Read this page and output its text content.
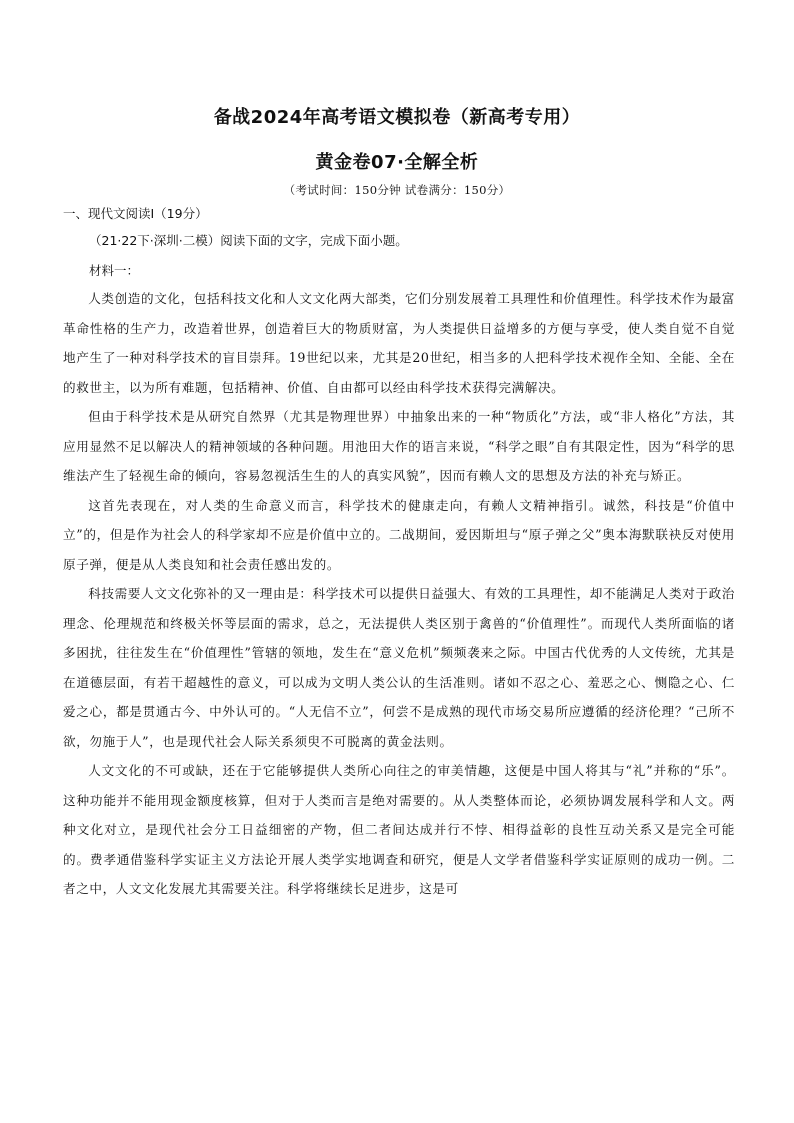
备战2024年高考语文模拟卷（新高考专用）
黄金卷07·全解全析
（考试时间：150分钟 试卷满分：150分）
一、现代文阅读Ⅰ（19分）
（21·22下·深圳·二模）阅读下面的文字，完成下面小题。
材料一：

人类创造的文化，包括科技文化和人文文化两大部类，它们分别发展着工具理性和价值理性。科学技术作为最富革命性格的生产力，改造着世界，创造着巨大的物质财富，为人类提供日益增多的方便与享受，使人类自觉不自觉地产生了一种对科学技术的盲目崇拜。19世纪以来，尤其是20世纪，相当多的人把科学技术视作全知、全能、全在的救世主，以为所有难题，包括精神、价值、自由都可以经由科学技术获得完满解决。

但由于科学技术是从研究自然界（尤其是物理世界）中抽象出来的一种“物质化”方法，或“非人格化”方法，其应用显然不足以解决人的精神领域的各种问题。用池田大作的语言来说，“科学之眼”自有其限定性，因为“科学的思维法产生了轻视生命的倾向，容易忽视活生生的人的真实风貌”，因而有赖人文的思想及方法的补充与矫正。

这首先表现在，对人类的生命意义而言，科学技术的健康走向，有赖人文精神指引。诚然，科技是“价值中立”的，但是作为社会人的科学家却不应是价值中立的。二战期间，爱因斯坦与“原子弹之父”奥本海默联袂反对使用原子弹，便是从人类良知和社会责任感出发的。

科技需要人文文化弥补的又一理由是：科学技术可以提供日益强大、有效的工具理性，却不能满足人类对于政治理念、伦理规范和终极关怀等层面的需求，总之，无法提供人类区别于禽兽的“价值理性”。而现代人类所面临的诸多困扰，往往发生在“价值理性”管辖的领地，发生在“意义危机”频频袭来之际。中国古代优秀的人文传统，尤其是在道德层面，有若干超越性的意义，可以成为文明人类公认的生活准则。诸如不忍之心、羞恶之心、恻隐之心、仁爱之心，都是贯通古今、中外认可的。“人无信不立”，何尝不是成熟的现代市场交易所应遵循的经济伦理？“己所不欲，勿施于人”，也是现代社会人际关系须臾不可脱离的黄金法则。

人文文化的不可或缺，还在于它能够提供人类所心向往之的审美情趣，这便是中国人将其与“礼”并称的“乐”。这种功能并不能用现金额度核算，但对于人类而言是绝对需要的。从人类整体而论，必须协调发展科学和人文。两种文化对立，是现代社会分工日益细密的产物，但二者间达成并行不悖、相得益彰的良性互动关系又是完全可能的。费孝通借鉴科学实证主义方法论开展人类学实地调查和研究，便是人文学者借鉴科学实证原则的成功一例。二者之中，人文文化发展尤其需要关注。科学将继续长足进步，这是可
